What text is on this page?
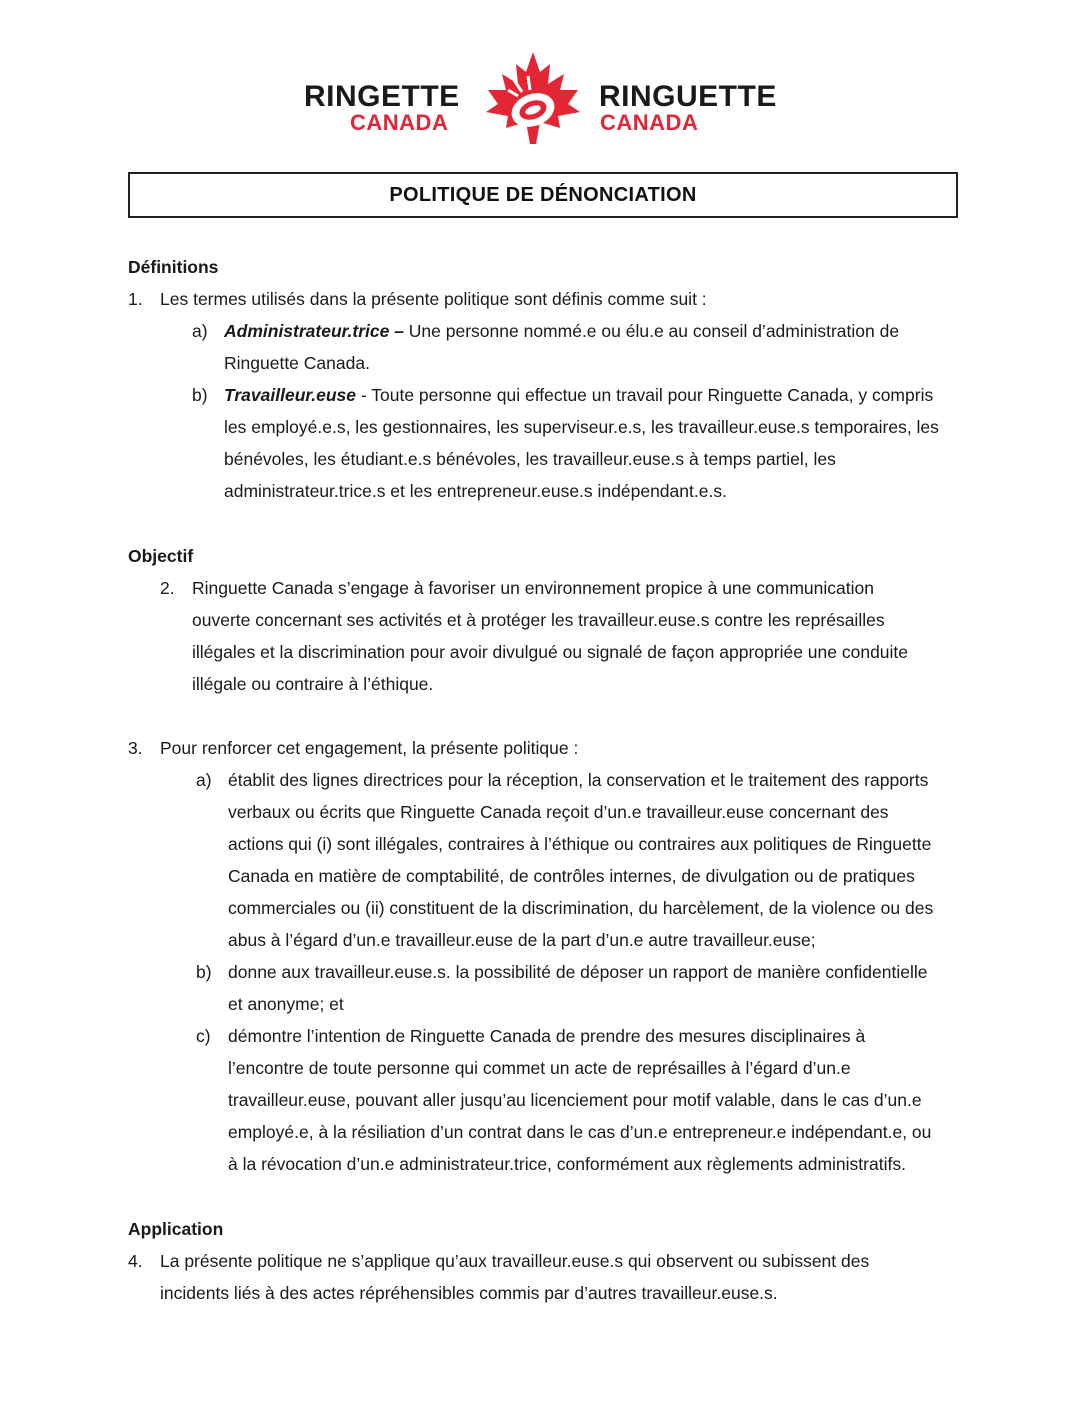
RINGETTE
CANADA
RINGUETTE
CANADA
POLITIQUE DE DÉNONCIATION
Définitions
1. Les termes utilisés dans la présente politique sont définis comme suit :
a) Administrateur.trice – Une personne nommé.e ou élu.e au conseil d’administration de
Ringuette Canada.
b) Travailleur.euse - Toute personne qui effectue un travail pour Ringuette Canada, y compris
les employé.e.s, les gestionnaires, les superviseur.e.s, les travailleur.euse.s temporaires, les
bénévoles, les étudiant.e.s bénévoles, les travailleur.euse.s à temps partiel, les
administrateur.trice.s et les entrepreneur.euse.s indépendant.e.s.
Objectif
2. Ringuette Canada s’engage à favoriser un environnement propice à une communication
ouverte concernant ses activités et à protéger les travailleur.euse.s contre les représailles
illégales et la discrimination pour avoir divulgué ou signalé de façon appropriée une conduite
illégale ou contraire à l’éthique.
3. Pour renforcer cet engagement, la présente politique :
a) établit des lignes directrices pour la réception, la conservation et le traitement des rapports
verbaux ou écrits que Ringuette Canada reçoit d’un.e travailleur.euse concernant des
actions qui (i) sont illégales, contraires à l’éthique ou contraires aux politiques de Ringuette
Canada en matière de comptabilité, de contrôles internes, de divulgation ou de pratiques
commerciales ou (ii) constituent de la discrimination, du harcèlement, de la violence ou des
abus à l’égard d’un.e travailleur.euse de la part d’un.e autre travailleur.euse;
b) donne aux travailleur.euse.s. la possibilité de déposer un rapport de manière confidentielle
et anonyme; et
c) démontre l’intention de Ringuette Canada de prendre des mesures disciplinaires à
l’encontre de toute personne qui commet un acte de représailles à l’égard d’un.e
travailleur.euse, pouvant aller jusqu’au licenciement pour motif valable, dans le cas d’un.e
employé.e, à la résiliation d’un contrat dans le cas d’un.e entrepreneur.e indépendant.e, ou
à la révocation d’un.e administrateur.trice, conformément aux règlements administratifs.
Application
4. La présente politique ne s’applique qu’aux travailleur.euse.s qui observent ou subissent des
incidents liés à des actes répréhensibles commis par d’autres travailleur.euse.s.
